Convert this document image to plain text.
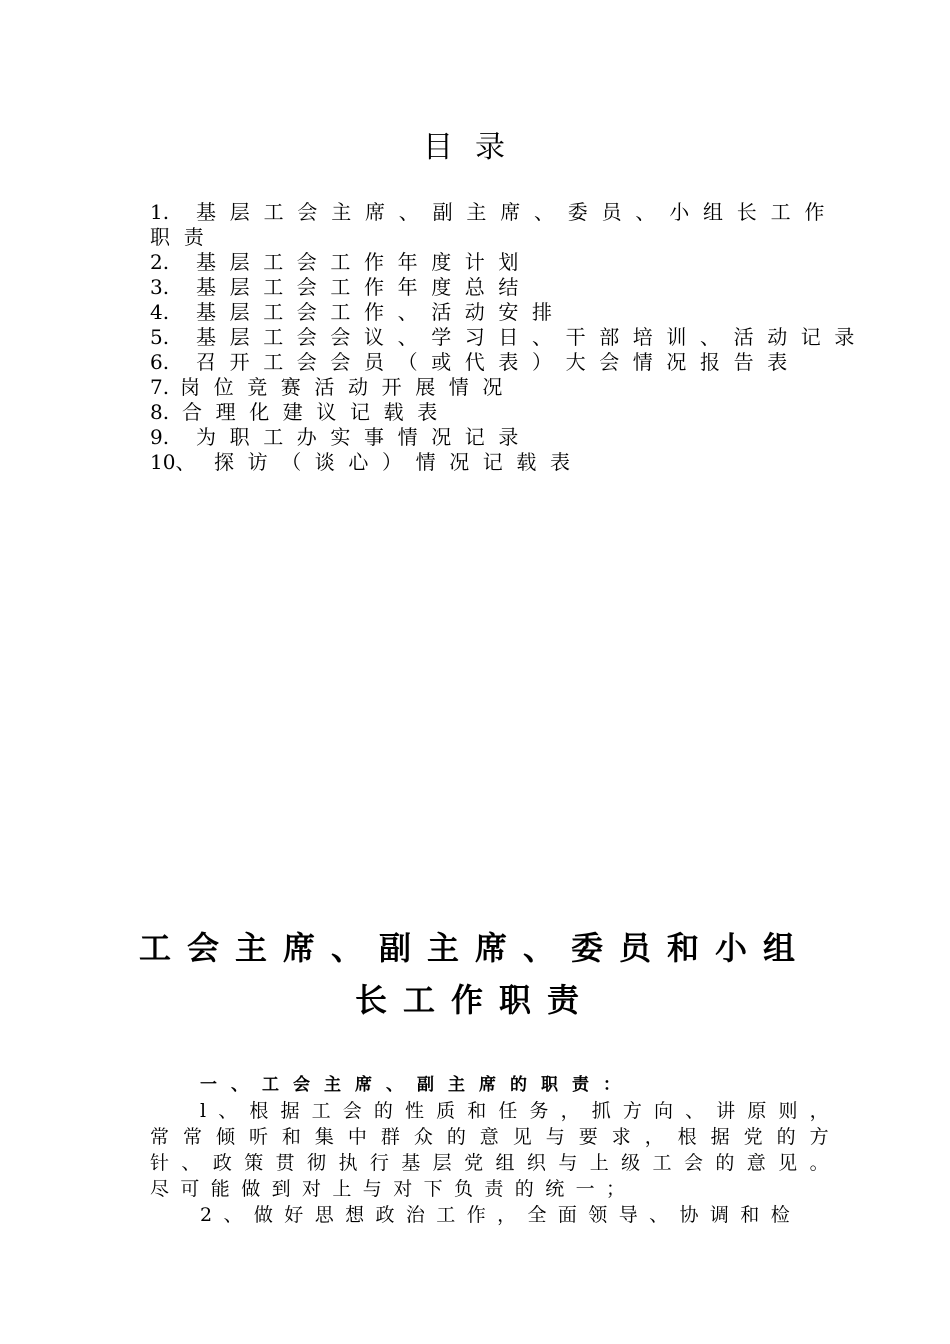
目录
1. 基层工会主席、副主席、委员、小组长工作职责
2. 基层工会工作年度计划
3. 基层工会工作年度总结
4. 基层工会工作、活动安排
5. 基层工会会议、学习日、干部培训、活动记录
6. 召开工会会员（或代表）大会情况报告表
7. 岗位竞赛活动开展情况
8. 合理化建议记载表
9. 为职工办实事情况记录
10、 探访（谈心）情况记载表
工会主席、副主席、委员和小组
长工作职责

一、工会主席、副主席的职责：

l、根据工会的性质和任务，抓方向、讲原则，常常倾听和集中群众的意见与要求，根据党的方针、政策贯彻执行基层党组织与上级工会的意见。尽可能做到对上与对下负责的统一；

2、做好思想政治工作，全面领导、协调和检
